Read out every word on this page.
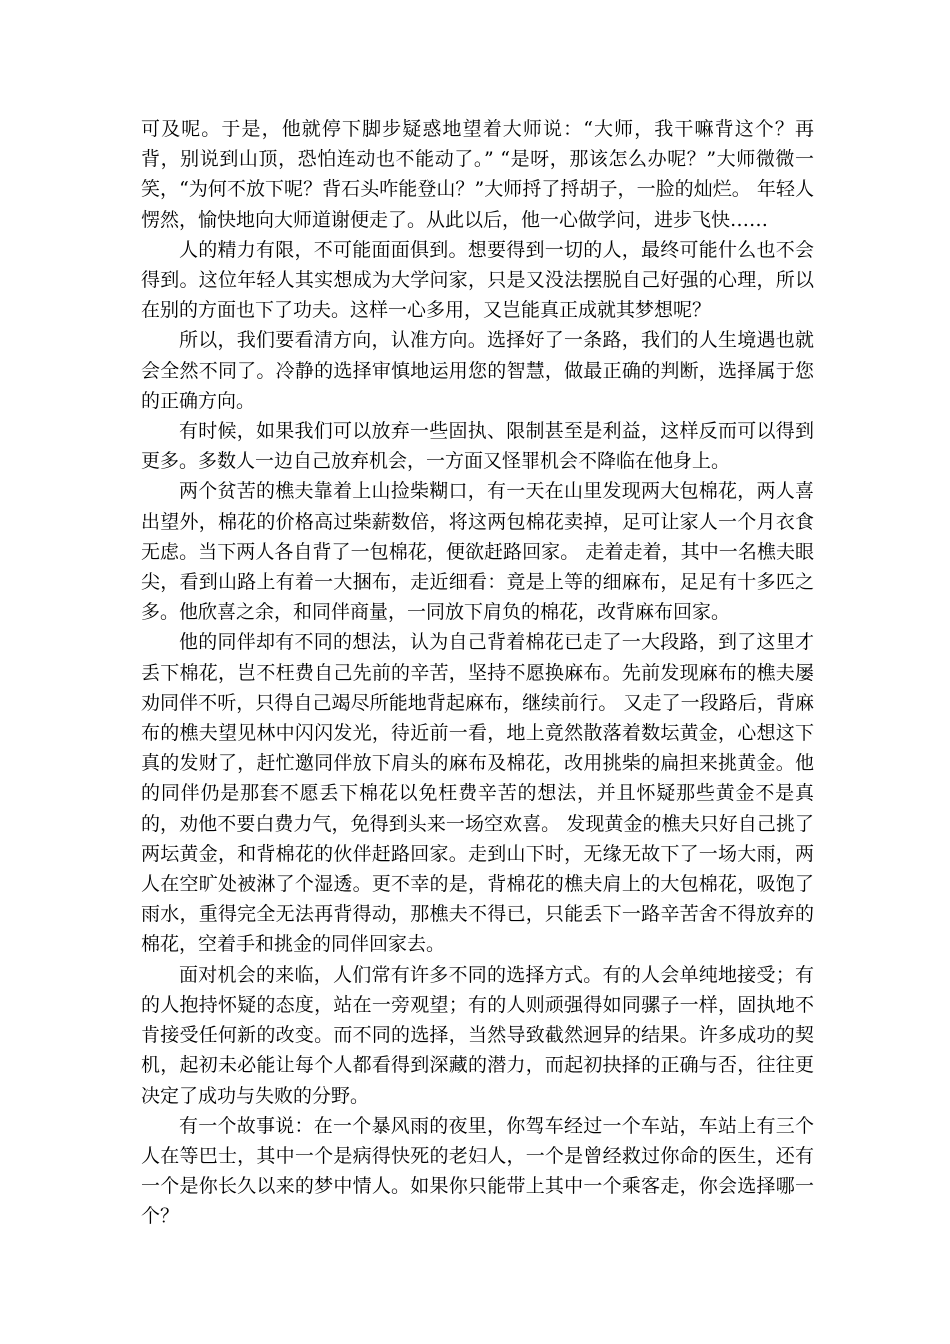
可及呢。于是，他就停下脚步疑惑地望着大师说：“大师，我干嘛背这个？再背，别说到山顶，恐怕连动也不能动了。” “是呀，那该怎么办呢？”大师微微一笑，“为何不放下呢？背石头咋能登山？”大师捋了捋胡子，一脸的灿烂。 年轻人愣然，愉快地向大师道谢便走了。从此以后，他一心做学问，进步飞快……

人的精力有限，不可能面面俱到。想要得到一切的人，最终可能什么也不会得到。这位年轻人其实想成为大学问家，只是又没法摆脱自己好强的心理，所以在别的方面也下了功夫。这样一心多用，又岂能真正成就其梦想呢？

所以，我们要看清方向，认准方向。选择好了一条路，我们的人生境遇也就会全然不同了。冷静的选择审慎地运用您的智慧，做最正确的判断，选择属于您的正确方向。

有时候，如果我们可以放弃一些固执、限制甚至是利益，这样反而可以得到更多。多数人一边自己放弃机会，一方面又怪罪机会不降临在他身上。

两个贫苦的樵夫靠着上山捡柴糊口，有一天在山里发现两大包棉花，两人喜出望外，棉花的价格高过柴薪数倍，将这两包棉花卖掉，足可让家人一个月衣食无虑。当下两人各自背了一包棉花，便欲赶路回家。 走着走着，其中一名樵夫眼尖，看到山路上有着一大捆布，走近细看：竟是上等的细麻布，足足有十多匹之多。他欣喜之余，和同伴商量，一同放下肩负的棉花，改背麻布回家。

他的同伴却有不同的想法，认为自己背着棉花已走了一大段路，到了这里才丢下棉花，岂不枉费自己先前的辛苦，坚持不愿换麻布。先前发现麻布的樵夫屡劝同伴不听，只得自己竭尽所能地背起麻布，继续前行。 又走了一段路后，背麻布的樵夫望见林中闪闪发光，待近前一看，地上竟然散落着数坛黄金，心想这下真的发财了，赶忙邀同伴放下肩头的麻布及棉花，改用挑柴的扁担来挑黄金。他的同伴仍是那套不愿丢下棉花以免枉费辛苦的想法，并且怀疑那些黄金不是真的，劝他不要白费力气，免得到头来一场空欢喜。 发现黄金的樵夫只好自己挑了两坛黄金，和背棉花的伙伴赶路回家。走到山下时，无缘无故下了一场大雨，两人在空旷处被淋了个湿透。更不幸的是，背棉花的樵夫肩上的大包棉花，吸饱了雨水，重得完全无法再背得动，那樵夫不得已，只能丢下一路辛苦舍不得放弃的棉花，空着手和挑金的同伴回家去。

面对机会的来临，人们常有许多不同的选择方式。有的人会单纯地接受；有的人抱持怀疑的态度，站在一旁观望；有的人则顽强得如同骡子一样，固执地不肯接受任何新的改变。而不同的选择，当然导致截然迥异的结果。许多成功的契机，起初未必能让每个人都看得到深藏的潜力，而起初抉择的正确与否，往往更决定了成功与失败的分野。

有一个故事说：在一个暴风雨的夜里，你驾车经过一个车站，车站上有三个人在等巴士，其中一个是病得快死的老妇人，一个是曾经救过你命的医生，还有一个是你长久以来的梦中情人。如果你只能带上其中一个乘客走，你会选择哪一个？
